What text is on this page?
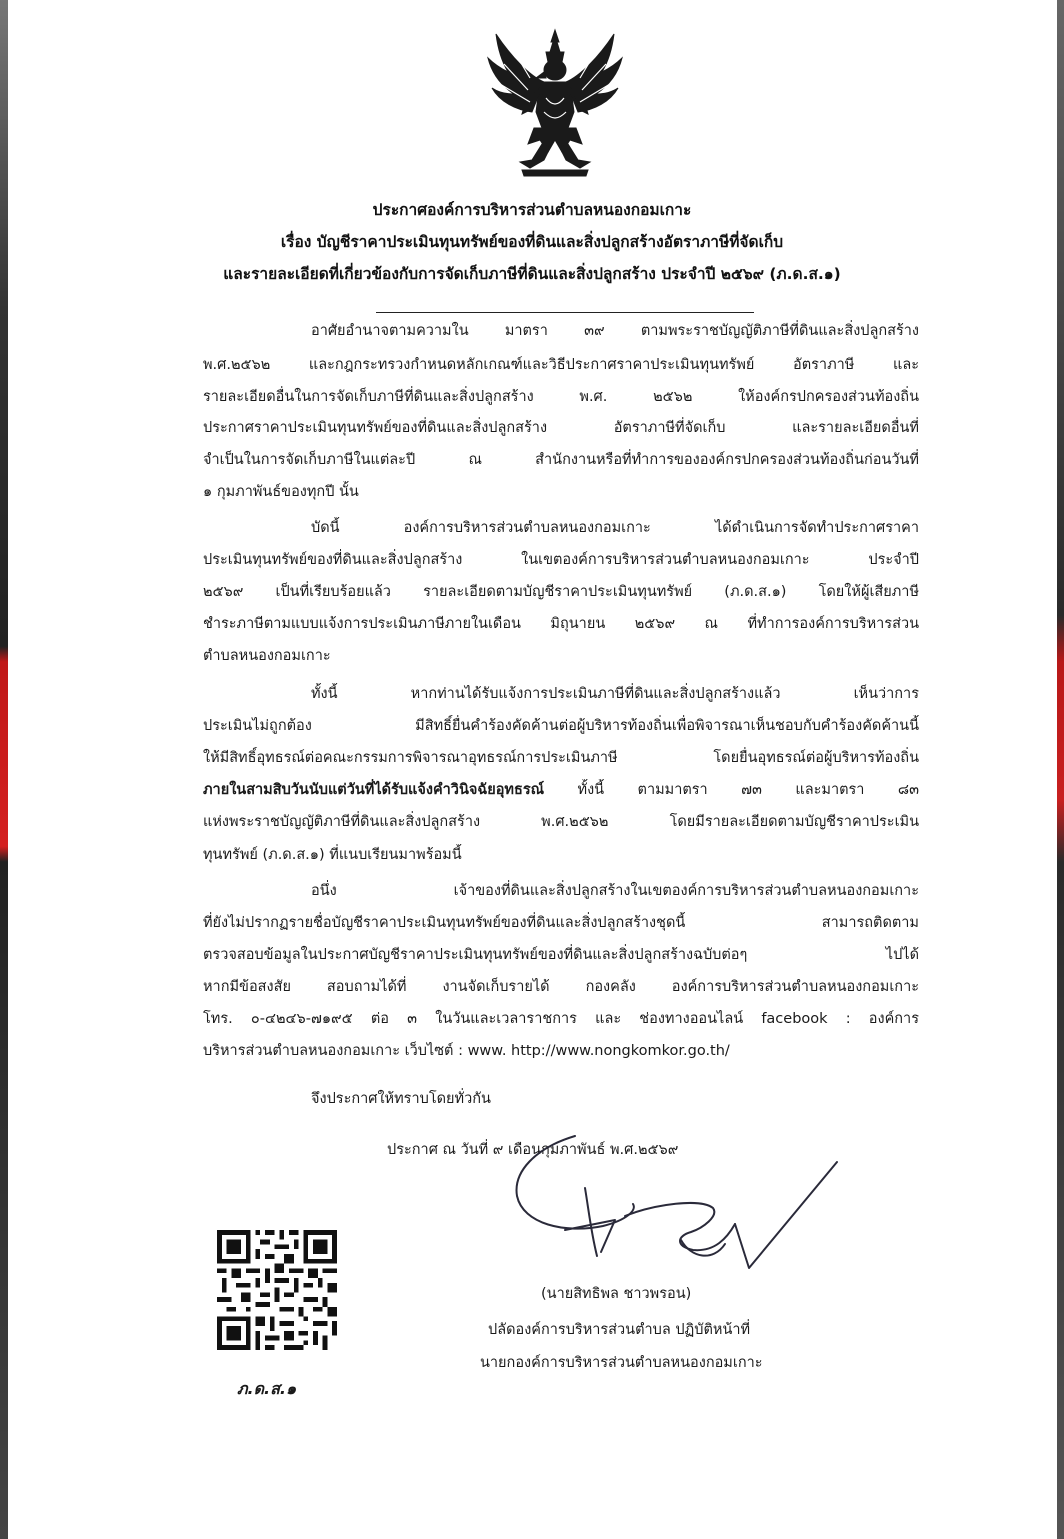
ประกาศองค์การบริหารส่วนตำบลหนองกอมเกาะ
เรื่อง บัญชีราคาประเมินทุนทรัพย์ของที่ดินและสิ่งปลูกสร้างอัตราภาษีที่จัดเก็บ
และรายละเอียดที่เกี่ยวข้องกับการจัดเก็บภาษีที่ดินและสิ่งปลูกสร้าง ประจำปี ๒๕๖๙ (ภ.ด.ส.๑)
อาศัยอำนาจตามความใน มาตรา ๓๙ ตามพระราชบัญญัติภาษีที่ดินและสิ่งปลูกสร้าง
พ.ศ.๒๕๖๒ และกฎกระทรวงกำหนดหลักเกณฑ์และวิธีประกาศราคาประเมินทุนทรัพย์ อัตราภาษี และ
รายละเอียดอื่นในการจัดเก็บภาษีที่ดินและสิ่งปลูกสร้าง พ.ศ. ๒๕๖๒ ให้องค์กรปกครองส่วนท้องถิ่น
ประกาศราคาประเมินทุนทรัพย์ของที่ดินและสิ่งปลูกสร้าง อัตราภาษีที่จัดเก็บ และรายละเอียดอื่นที่
จำเป็นในการจัดเก็บภาษีในแต่ละปี ณ สำนักงานหรือที่ทำการขององค์กรปกครองส่วนท้องถิ่นก่อนวันที่
๑ กุมภาพันธ์ของทุกปี นั้น
บัดนี้ องค์การบริหารส่วนตำบลหนองกอมเกาะ ได้ดำเนินการจัดทำประกาศราคา
ประเมินทุนทรัพย์ของที่ดินและสิ่งปลูกสร้าง ในเขตองค์การบริหารส่วนตำบลหนองกอมเกาะ ประจำปี
๒๕๖๙ เป็นที่เรียบร้อยแล้ว รายละเอียดตามบัญชีราคาประเมินทุนทรัพย์ (ภ.ด.ส.๑) โดยให้ผู้เสียภาษี
ชำระภาษีตามแบบแจ้งการประเมินภาษีภายในเดือน มิถุนายน ๒๕๖๙ ณ ที่ทำการองค์การบริหารส่วน
ตำบลหนองกอมเกาะ
ทั้งนี้ หากท่านได้รับแจ้งการประเมินภาษีที่ดินและสิ่งปลูกสร้างแล้ว เห็นว่าการ
ประเมินไม่ถูกต้อง มีสิทธิ์ยื่นคำร้องคัดค้านต่อผู้บริหารท้องถิ่นเพื่อพิจารณาเห็นชอบกับคำร้องคัดค้านนี้
ให้มีสิทธิ์อุทธรณ์ต่อคณะกรรมการพิจารณาอุทธรณ์การประเมินภาษี โดยยื่นอุทธรณ์ต่อผู้บริหารท้องถิ่น
ภายในสามสิบวันนับแต่วันที่ได้รับแจ้งคำวินิจฉัยอุทธรณ์ ทั้งนี้ ตามมาตรา ๗๓ และมาตรา ๘๓
แห่งพระราชบัญญัติภาษีที่ดินและสิ่งปลูกสร้าง พ.ศ.๒๕๖๒ โดยมีรายละเอียดตามบัญชีราคาประเมิน
ทุนทรัพย์ (ภ.ด.ส.๑) ที่แนบเรียนมาพร้อมนี้
อนึ่ง เจ้าของที่ดินและสิ่งปลูกสร้างในเขตองค์การบริหารส่วนตำบลหนองกอมเกาะ
ที่ยังไม่ปรากฏรายชื่อบัญชีราคาประเมินทุนทรัพย์ของที่ดินและสิ่งปลูกสร้างชุดนี้ สามารถติดตาม
ตรวจสอบข้อมูลในประกาศบัญชีราคาประเมินทุนทรัพย์ของที่ดินและสิ่งปลูกสร้างฉบับต่อๆ ไปได้
หากมีข้อสงสัย สอบถามได้ที่ งานจัดเก็บรายได้ กองคลัง องค์การบริหารส่วนตำบลหนองกอมเกาะ
โทร. ๐-๔๒๔๖-๗๑๙๕ ต่อ ๓ ในวันและเวลาราชการ และ ช่องทางออนไลน์ facebook : องค์การ
บริหารส่วนตำบลหนองกอมเกาะ เว็บไซต์ : www. http://www.nongkomkor.go.th/
จึงประกาศให้ทราบโดยทั่วกัน
ประกาศ ณ วันที่ ๙ เดือนกุมภาพันธ์ พ.ศ.๒๕๖๙
(นายสิทธิพล ชาวพรอน)
ปลัดองค์การบริหารส่วนตำบล ปฏิบัติหน้าที่
นายกองค์การบริหารส่วนตำบลหนองกอมเกาะ
ภ.ด.ส.๑
